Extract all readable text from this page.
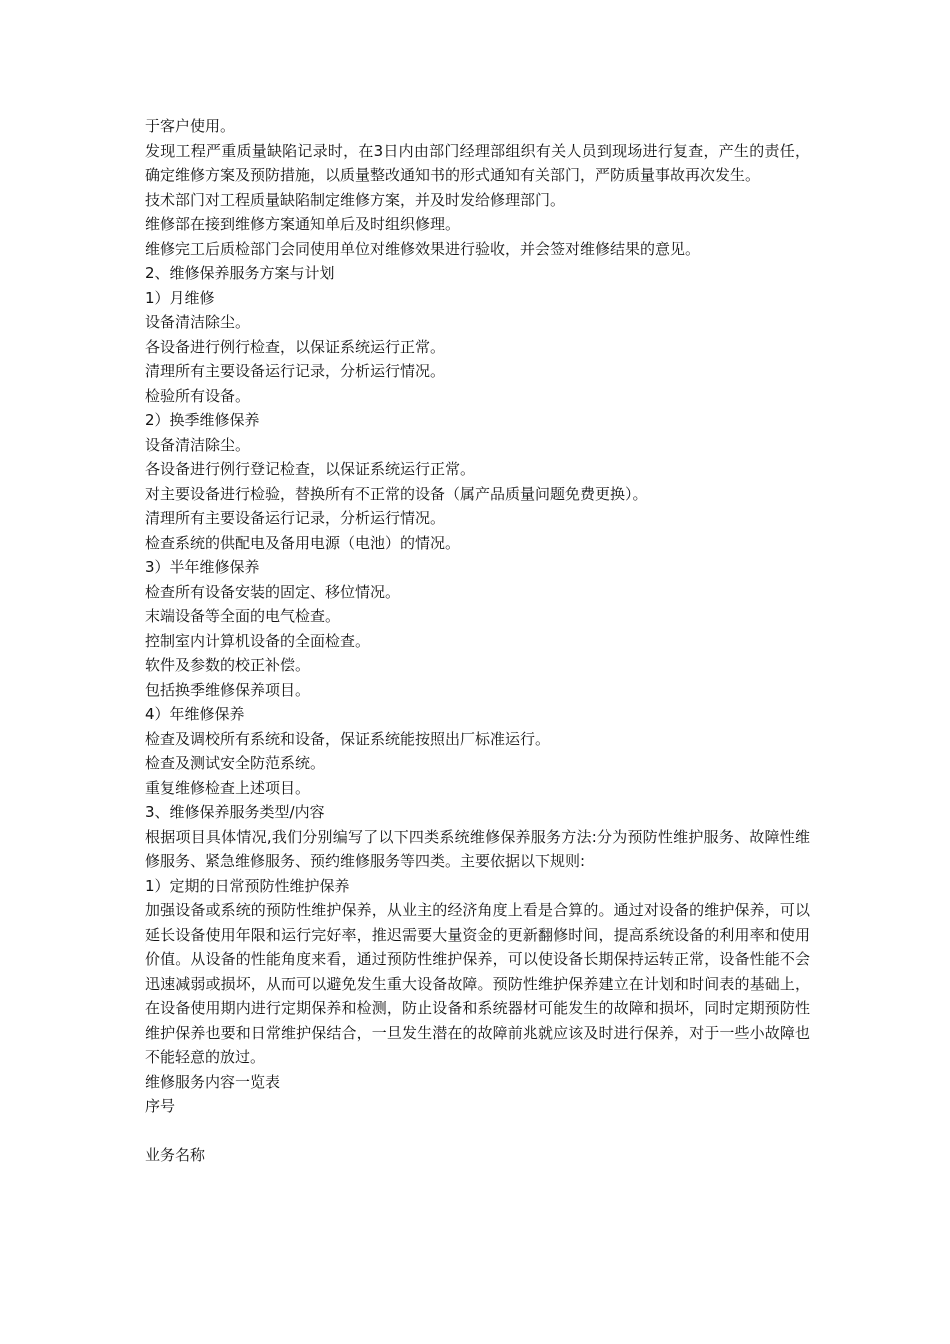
于客户使用。

发现工程严重质量缺陷记录时，在3日内由部门经理部组织有关人员到现场进行复查，产生的责任，确定维修方案及预防措施，以质量整改通知书的形式通知有关部门，严防质量事故再次发生。

技术部门对工程质量缺陷制定维修方案，并及时发给修理部门。

维修部在接到维修方案通知单后及时组织修理。

维修完工后质检部门会同使用单位对维修效果进行验收，并会签对维修结果的意见。

2、维修保养服务方案与计划

1）月维修

设备清洁除尘。

各设备进行例行检查，以保证系统运行正常。

清理所有主要设备运行记录，分析运行情况。

检验所有设备。

2）换季维修保养

设备清洁除尘。

各设备进行例行登记检查，以保证系统运行正常。

对主要设备进行检验，替换所有不正常的设备（属产品质量问题免费更换）。

清理所有主要设备运行记录，分析运行情况。

检查系统的供配电及备用电源（电池）的情况。

3）半年维修保养

检查所有设备安装的固定、移位情况。

末端设备等全面的电气检查。

控制室内计算机设备的全面检查。

软件及参数的校正补偿。

包括换季维修保养项目。

4）年维修保养

检查及调校所有系统和设备，保证系统能按照出厂标准运行。

检查及测试安全防范系统。

重复维修检查上述项目。

3、维修保养服务类型/内容

根据项目具体情况,我们分别编写了以下四类系统维修保养服务方法:分为预防性维护服务、故障性维修服务、紧急维修服务、预约维修服务等四类。主要依据以下规则:

1）定期的日常预防性维护保养

加强设备或系统的预防性维护保养，从业主的经济角度上看是合算的。通过对设备的维护保养，可以延长设备使用年限和运行完好率，推迟需要大量资金的更新翻修时间，提高系统设备的利用率和使用价值。从设备的性能角度来看，通过预防性维护保养，可以使设备长期保持运转正常，设备性能不会迅速减弱或损坏，从而可以避免发生重大设备故障。预防性维护保养建立在计划和时间表的基础上，在设备使用期内进行定期保养和检测，防止设备和系统器材可能发生的故障和损坏，同时定期预防性维护保养也要和日常维护保结合，一旦发生潜在的故障前兆就应该及时进行保养，对于一些小故障也不能轻意的放过。

维修服务内容一览表

序号

业务名称
